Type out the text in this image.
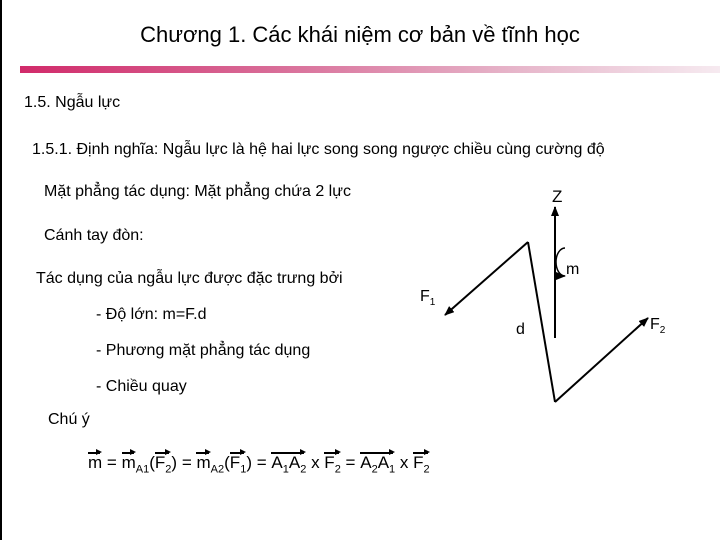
Chương 1. Các khái niệm cơ bản về tĩnh học
1.5. Ngẫu lực
1.5.1. Định nghĩa: Ngẫu lực là hệ hai lực song song ngược chiều cùng cường độ
Mặt phẳng tác dụng: Mặt phẳng chứa 2 lực
Cánh tay đòn:
Tác dụng của ngẫu lực được đặc trưng bởi
- Độ lớn: m=F.d
- Phương mặt phẳng tác dụng
- Chiều quay
Chú ý
Z
m
$F_1$
d	$F_2$
$m = m_{A1}(F_2) = m_{A2}(F_1) = A_1A_2$ x $F_2 = A_2A_1$ x $F_2$
